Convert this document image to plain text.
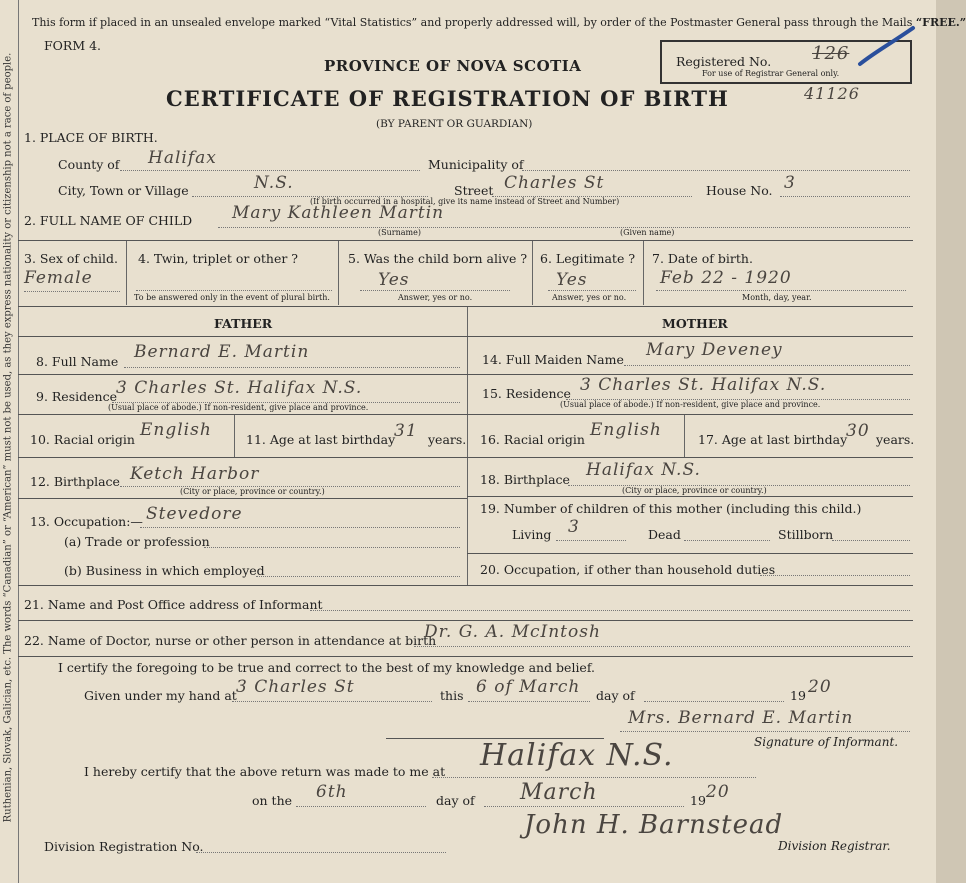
Ruthenian, Slovak, Galician, etc. The words “Canadian” or “American” must not be used, as they express nationality or citizenship not a race of people.
This form if placed in an unsealed envelope marked “Vital Statistics” and properly addressed will, by order of the Postmaster General pass through the Mails “FREE.”
FORM 4.
PROVINCE OF NOVA SCOTIA
CERTIFICATE OF REGISTRATION OF BIRTH
(BY PARENT OR GUARDIAN)
Registered No. 126
For use of Registrar General only.
41126
1. PLACE OF BIRTH.
County of Halifax	Municipality of
City, Town or Village	N.S.	Street Charles St	House No. 3
(If birth occurred in a hospital, give its name instead of Street and Number)
2. FULL NAME OF CHILD Mary Kathleen Martin
(Surname)	(Given name)
3. Sex of child.
Female
4. Twin, triplet or other ?
To be answered only in the event of plural birth.
5. Was the child born alive ?
Yes
Answer, yes or no.
6. Legitimate ?
Yes
Answer, yes or no.
7. Date of birth.
Feb 22 - 1920
Month, day, year.
FATHER	MOTHER
8. Full Name Bernard E. Martin
9. Residence 3 Charles St. Halifax N.S.
(Usual place of abode.) If non-resident, give place and province.
10. Racial origin English	11. Age at last birthday
31 years.
12. Birthplace Ketch Harbor
(City or place, province or country.)
13. Occupation:— Stevedore
(a) Trade or profession
(b) Business in which employed
14. Full Maiden Name Mary Deveney
15. Residence 3 Charles St. Halifax N.S.
(Usual place of abode.) If non-resident, give place and province.
16. Racial origin English	17. Age at last birthday
30 years.
18. Birthplace Halifax N.S.
(City or place, province or country.)
19. Number of children of this mother (including this child.)
Living 3	Dead	Stillborn
20. Occupation, if other than household duties
21. Name and Post Office address of Informant
22. Name of Doctor, nurse or other person in attendance at birth
Dr. G. A. McIntosh
I certify the foregoing to be true and correct to the best of my knowledge and belief.
Given under my hand at 3 Charles St	this 6 of March day of	19 20
Mrs. Bernard E. Martin
Signature of Informant.
I hereby certify that the above return was made to me at Halifax N.S.
on the 6th	day of March	19 20
John H. Barnstead
Division Registration No.	Division Registrar.
